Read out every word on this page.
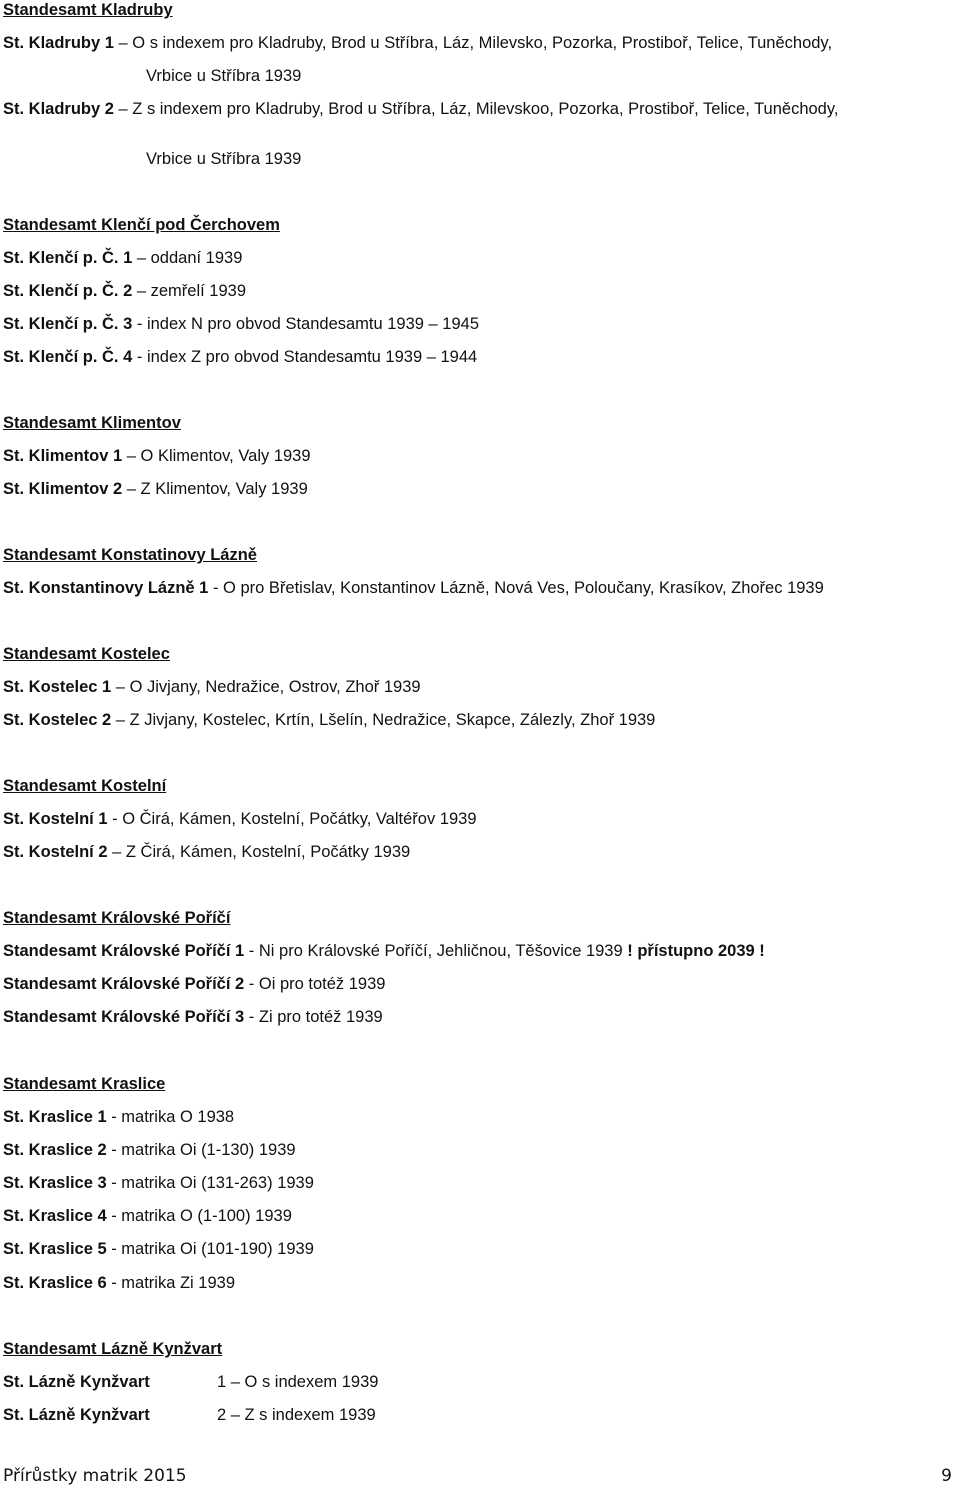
Standesamt Kladruby
St. Kladruby 1 – O s indexem pro Kladruby, Brod u Stříbra, Láz, Milevsko, Pozorka, Prostiboř, Telice, Tuněchody,
Vrbice u Stříbra 1939
St. Kladruby 2 – Z s indexem pro Kladruby, Brod u Stříbra, Láz, Milevskoo, Pozorka, Prostiboř, Telice, Tuněchody,
Vrbice u Stříbra 1939
Standesamt Klenčí pod Čerchovem
St. Klenčí p. Č. 1 – oddaní 1939
St. Klenčí p. Č. 2 – zemřelí 1939
St. Klenčí p. Č. 3 - index N pro obvod Standesamtu 1939 – 1945
St. Klenčí p. Č. 4 - index Z pro obvod Standesamtu 1939 – 1944
Standesamt Klimentov
St. Klimentov 1 – O Klimentov, Valy 1939
St. Klimentov 2 – Z Klimentov, Valy 1939
Standesamt Konstatinovy Lázně
St. Konstantinovy Lázně 1 - O pro Břetislav, Konstantinov Lázně, Nová Ves, Poloučany, Krasíkov, Zhořec 1939
Standesamt Kostelec
St. Kostelec 1 – O Jivjany, Nedražice, Ostrov, Zhoř 1939
St. Kostelec 2 – Z Jivjany, Kostelec, Krtín, Lšelín, Nedražice, Skapce, Zálezly, Zhoř 1939
Standesamt Kostelní
St. Kostelní 1 - O Čirá, Kámen, Kostelní, Počátky, Valtéřov 1939
St. Kostelní 2 – Z Čirá, Kámen, Kostelní, Počátky 1939
Standesamt Královské Poříčí
Standesamt Královské Poříčí 1 - Ni pro Královské Poříčí, Jehličnou, Těšovice 1939 ! přístupno 2039 !
Standesamt Královské Poříčí 2 - Oi pro totéž 1939
Standesamt Královské Poříčí 3 - Zi pro totéž 1939
Standesamt Kraslice
St. Kraslice 1 - matrika O 1938
St. Kraslice 2 - matrika Oi (1-130) 1939
St. Kraslice 3 - matrika Oi (131-263) 1939
St. Kraslice 4 - matrika O (1-100) 1939
St. Kraslice 5 - matrika Oi (101-190) 1939
St. Kraslice 6 - matrika Zi 1939
Standesamt Lázně Kynžvart
St. Lázně Kynžvart	1 – O s indexem 1939
St. Lázně Kynžvart	2 – Z s indexem 1939
Přírůstky matrik 2015	9
